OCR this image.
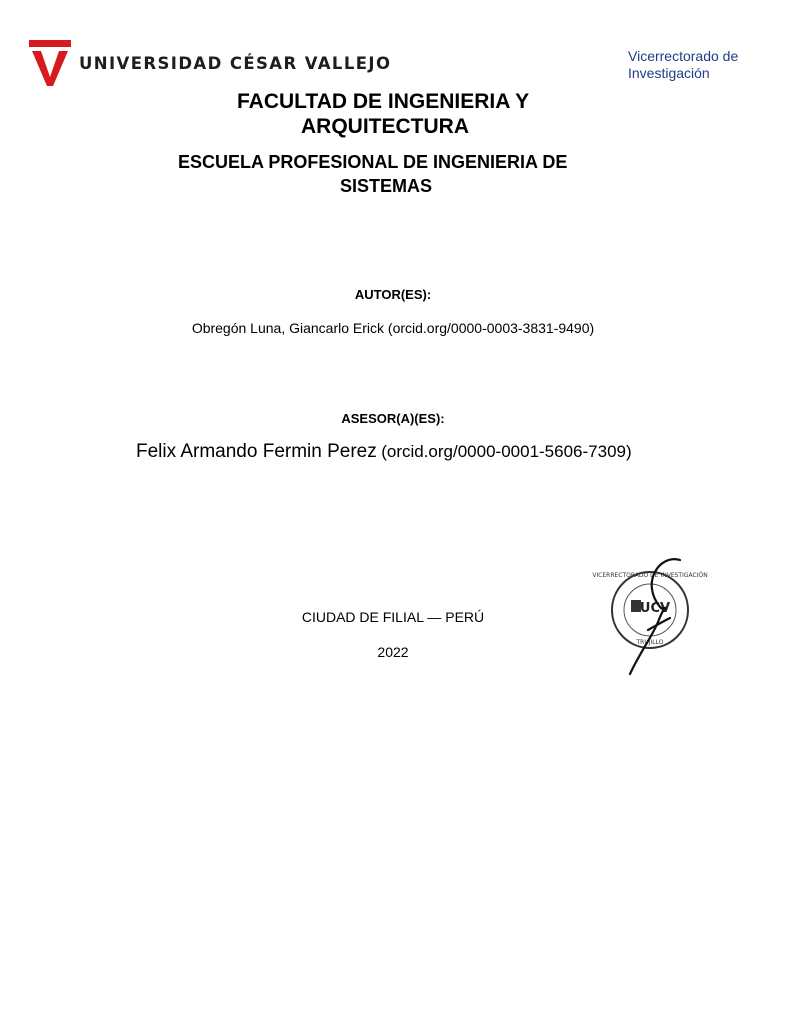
UNIVERSIDAD CÉSAR VALLEJO	Vicerrectorado de
Investigación
FACULTAD DE INGENIERIA Y
ARQUITECTURA
ESCUELA PROFESIONAL DE INGENIERIA DE
SISTEMAS
AUTOR(ES):
Obregón Luna, Giancarlo Erick (orcid.org/0000-0003-3831-9490)
ASESOR(A)(ES):
Felix Armando Fermin Perez (orcid.org/0000-0001-5606-7309)
CIUDAD DE FILIAL — PERÚ
2022
VICERRECTORADO DE INVESTIGACIÓN
UCV
TRUJILLO
